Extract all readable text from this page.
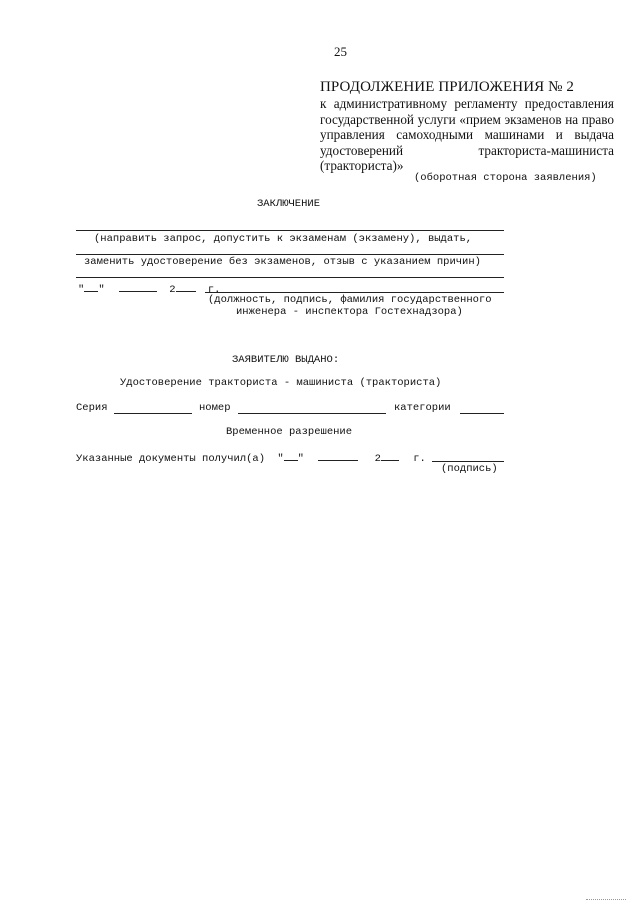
25
ПРОДОЛЖЕНИЕ ПРИЛОЖЕНИЯ № 2
к административному регламенту предоставления
государственной услуги «прием экзаменов на право
управления самоходными машинами и выдача
удостоверений тракториста-машиниста
(тракториста)»
(оборотная сторона заявления)
ЗАКЛЮЧЕНИЕ
(направить запрос, допустить к экзаменам (экзамену), выдать,
заменить удостоверение без экзаменов, отзыв с указанием причин)
" "	2	г.
(должность, подпись, фамилия государственного
инженера - инспектора Гостехнадзора)
ЗАЯВИТЕЛЮ ВЫДАНО:
Удостоверение тракториста - машиниста (тракториста)
Серия	номер	категории
Временное разрешение
Указанные документы получил(а) " "	2	г.
(подпись)
